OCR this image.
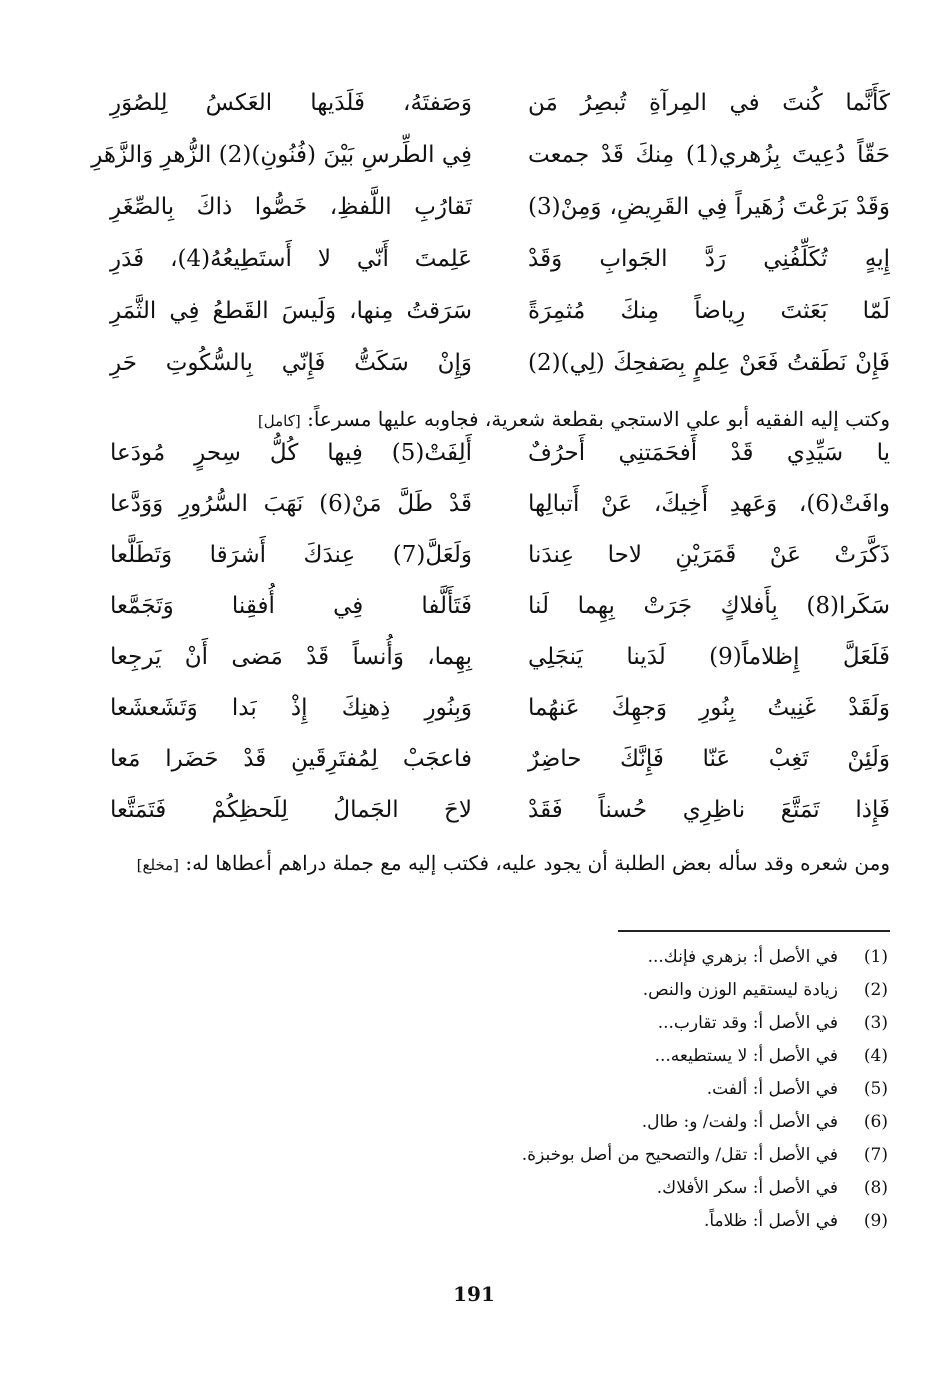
كَأَنَّما كُنتَ في المِرآةِ تُبصِرُ مَن
وَصَفتَهُ، فَلَدَيها العَكسُ لِلصُوَرِ
حَقّاً دُعِيتَ بِزُهري(1) مِنكَ قَدْ جمعت
فِي الطِّرسِ بَيْنَ (فُنُونِ)(2) الزُّهرِ وَالزَّهَرِ
وَقَدْ بَرَعْتَ زُهَيراً فِي القَرِيضِ، وَمِنْ(3)
تَقارُبِ اللَّفظِ، خَصُّوا ذاكَ بِالصِّغَرِ
إِيهٍ تُكَلِّفُنِي رَدَّ الجَوابِ وَقَدْ
عَلِمتَ أَنّي لا أَستَطِيعُهُ(4)، فَدَرِ
لَمّا بَعَثتَ رِياضاً مِنكَ مُثمِرَةً
سَرَقتُ مِنها، وَلَيسَ القَطعُ فِي الثَّمَرِ
فَإِنْ نَطَقتُ فَعَنْ عِلمٍ بِصَفحِكَ (لِي)(2)
وَإِنْ سَكَتُّ فَإِنّي بِالسُّكُوتِ حَرِ

وكتب إليه الفقيه أبو علي الاستجي بقطعة شعرية، فجاوبه عليها مسرعاً: [كامل]

يا سَيِّدِي قَدْ أَفحَمَتنِي أَحرُفٌ
أَلِفَتْ(5) فِيها كُلُّ سِحرٍ مُودَعا
وافَتْ(6)، وَعَهدِ أَخِيكَ، عَنْ أَتبالِها
قَدْ طَلَّ مَنْ(6) نَهَبَ السُّرُورِ وَوَدَّعا
ذَكَّرَتْ عَنْ قَمَرَيْنِ لاحا عِندَنا
وَلَعَلَّ(7) عِندَكَ أَشرَقا وَتَطَلَّعا
سَكَرا(8) بِأَفلاكٍ جَرَتْ بِهِما لَنا
فَتَأَلَّفا فِي أُفقِنا وَتَجَمَّعا
فَلَعَلَّ إِظلاماً(9) لَدَينا يَنجَلِي
بِهِما، وَأُنساً قَدْ مَضى أَنْ يَرجِعا
وَلَقَدْ غَنِيتُ بِنُورِ وَجهِكَ عَنهُما
وَبِنُورِ ذِهنِكَ إِذْ بَدا وَتَشَعشَعا
وَلَئِنْ تَغِبْ عَنّا فَإِنَّكَ حاضِرٌ
فاعجَبْ لِمُفتَرِقَينِ قَدْ حَضَرا مَعا
فَإِذا تَمَتَّعَ ناظِرِي حُسناً فَقَدْ
لاحَ الجَمالُ لِلَحظِكُمْ فَتَمَتَّعا

ومن شعره وقد سأله بعض الطلبة أن يجود عليه، فكتب إليه مع جملة دراهم أعطاها له: [مخلع]

(1)
في الأصل أ: بزهري فإنك...
(2)
زيادة ليستقيم الوزن والنص.
(3)
في الأصل أ: وقد تقارب...
(4)
في الأصل أ: لا يستطيعه...
(5)
في الأصل أ: ألفت.
(6)
في الأصل أ: ولفت/ و: طال.
(7)
في الأصل أ: تقل/ والتصحيح من أصل بوخبزة.
(8)
في الأصل أ: سكر الأفلاك.
(9)
في الأصل أ: ظلاماً.
191
